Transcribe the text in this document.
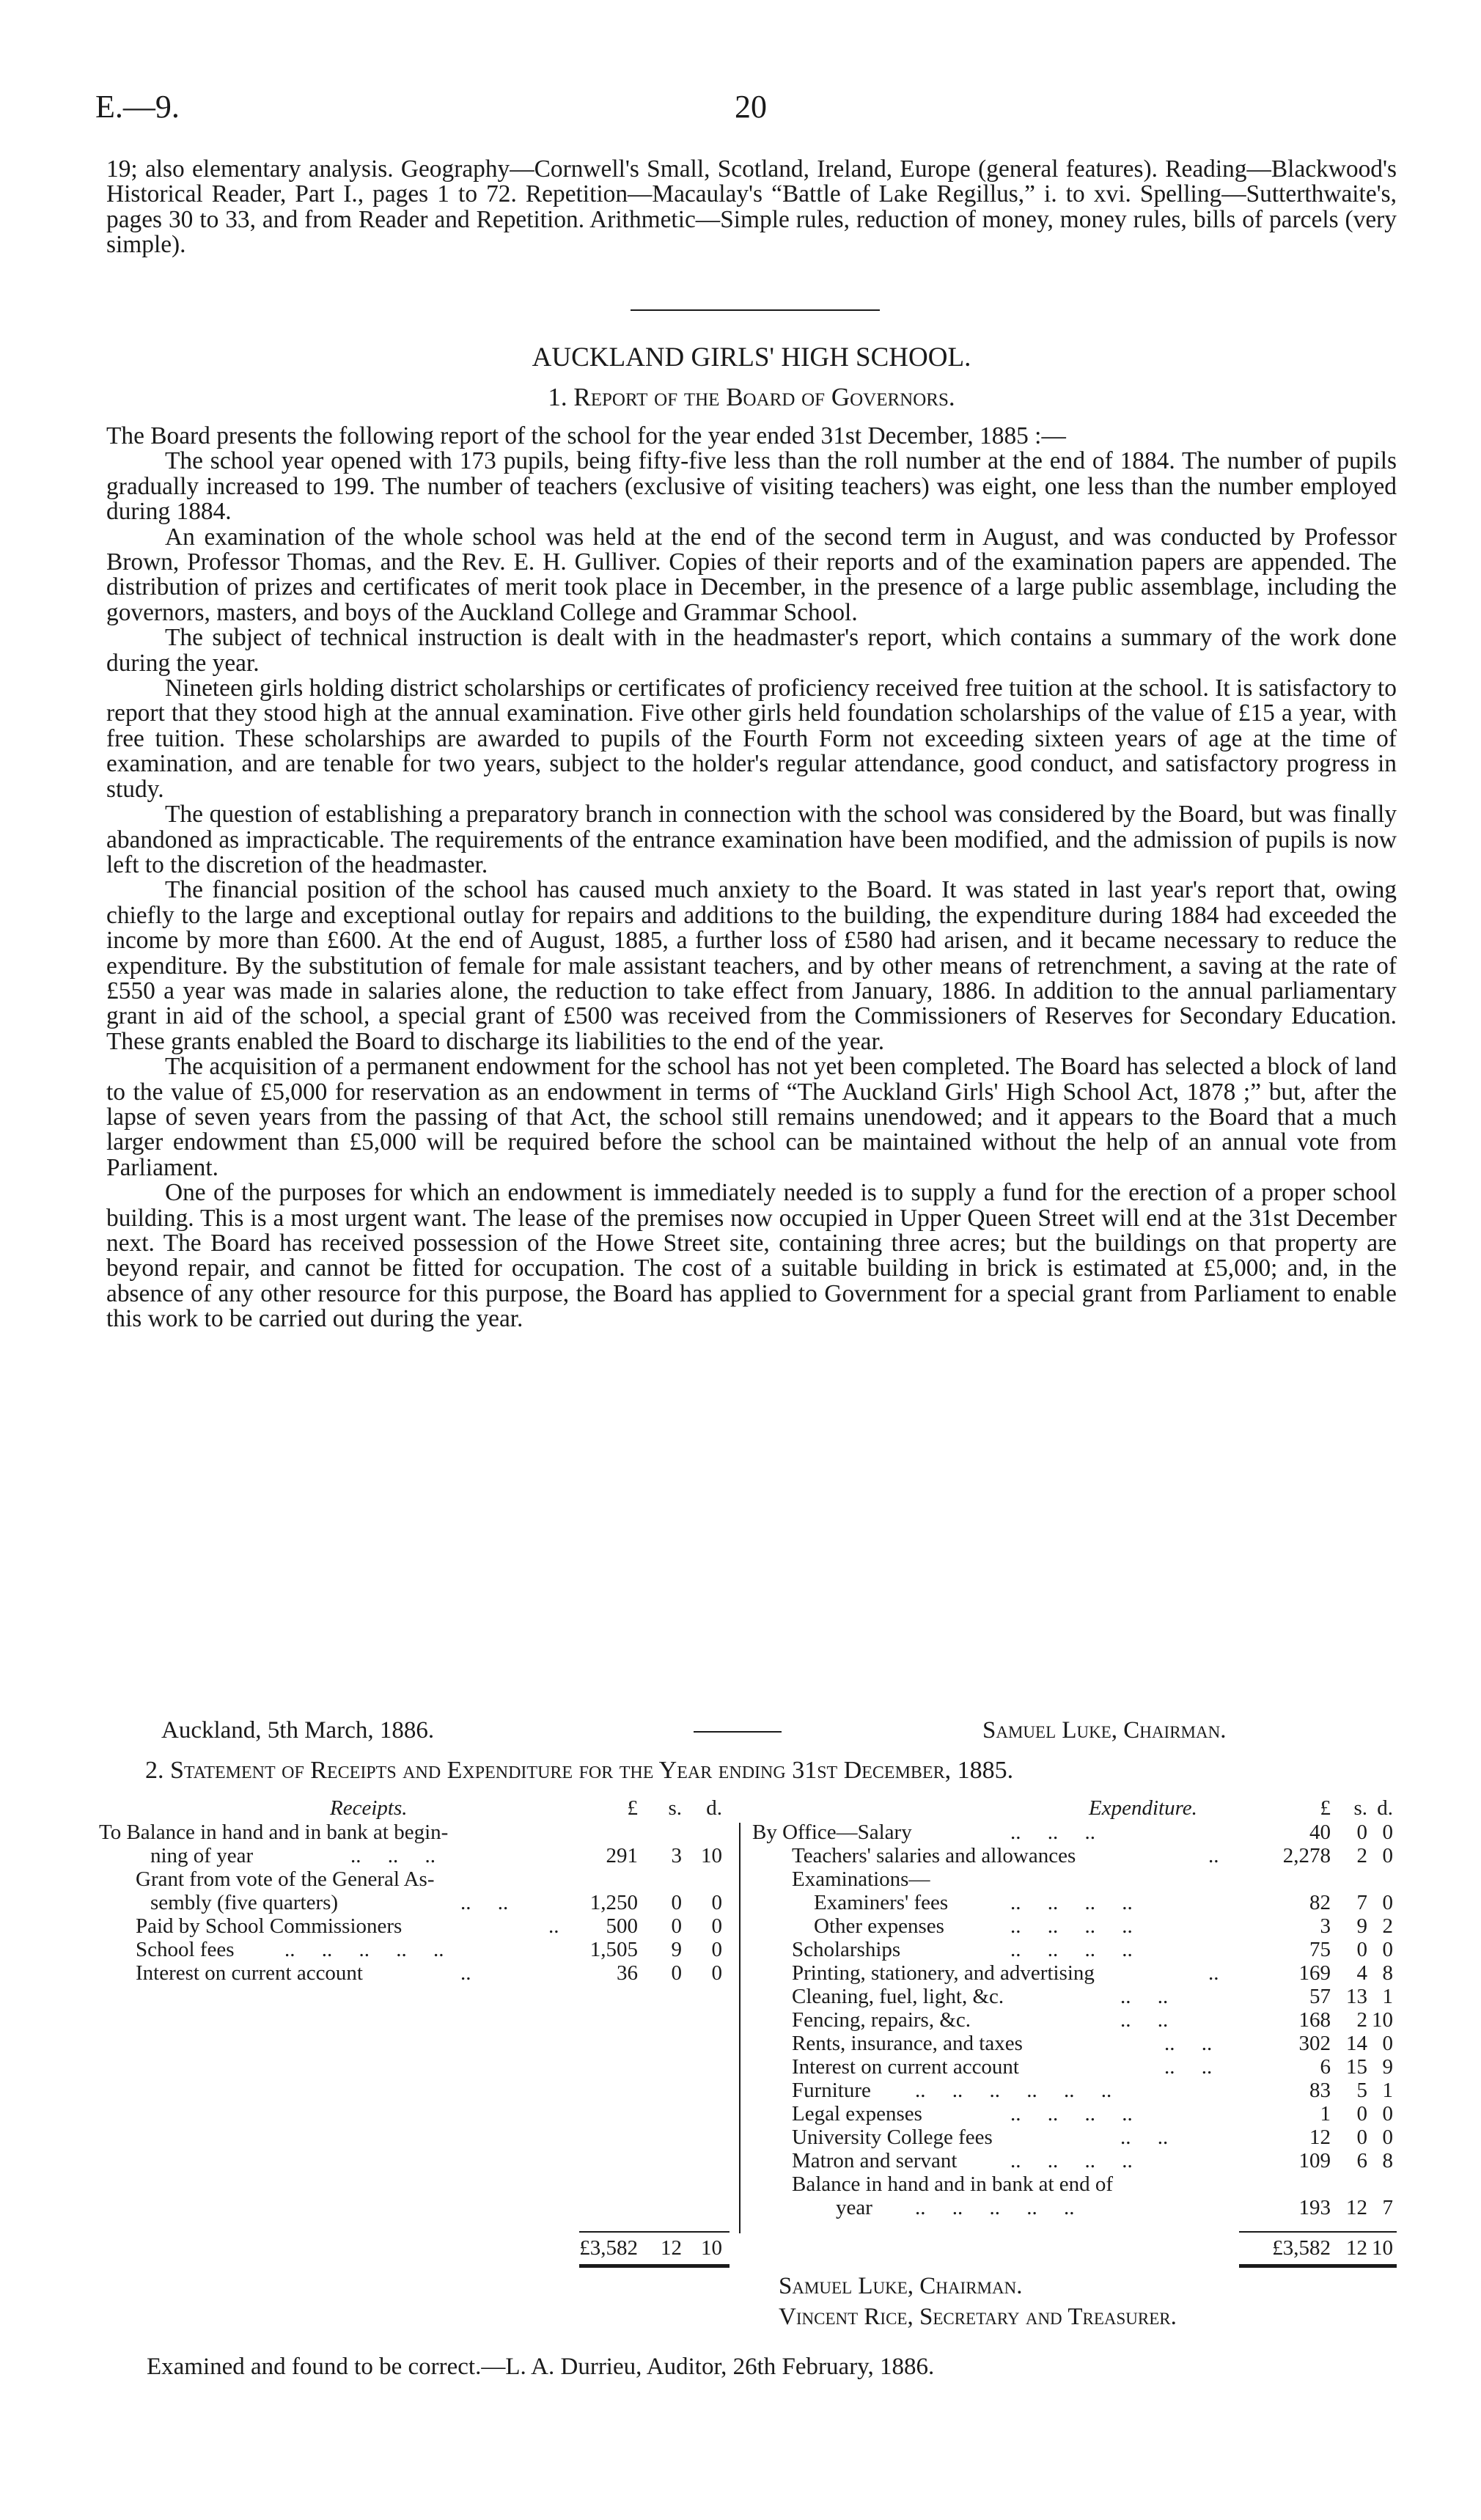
E.—9.	20

19; also elementary analysis. Geography—Cornwell's Small, Scotland, Ireland, Europe (general features). Reading—Blackwood's Historical Reader, Part I., pages 1 to 72. Repetition—Macaulay's “Battle of Lake Regillus,” i. to xvi. Spelling—Sutterthwaite's, pages 30 to 33, and from Reader and Repetition. Arithmetic—Simple rules, reduction of money, money rules, bills of parcels (very simple).

AUCKLAND GIRLS' HIGH SCHOOL.
1. Report of the Board of Governors.

The Board presents the following report of the school for the year ended 31st December, 1885 :—

The school year opened with 173 pupils, being fifty-five less than the roll number at the end of 1884. The number of pupils gradually increased to 199. The number of teachers (exclusive of visiting teachers) was eight, one less than the number employed during 1884.

An examination of the whole school was held at the end of the second term in August, and was conducted by Professor Brown, Professor Thomas, and the Rev. E. H. Gulliver. Copies of their reports and of the examination papers are appended. The distribution of prizes and certificates of merit took place in December, in the presence of a large public assemblage, including the governors, masters, and boys of the Auckland College and Grammar School.

The subject of technical instruction is dealt with in the headmaster's report, which contains a summary of the work done during the year.

Nineteen girls holding district scholarships or certificates of proficiency received free tuition at the school. It is satisfactory to report that they stood high at the annual examination. Five other girls held foundation scholarships of the value of £15 a year, with free tuition. These scholarships are awarded to pupils of the Fourth Form not exceeding sixteen years of age at the time of examination, and are tenable for two years, subject to the holder's regular attendance, good conduct, and satisfactory progress in study.

The question of establishing a preparatory branch in connection with the school was considered by the Board, but was finally abandoned as impracticable. The requirements of the entrance examination have been modified, and the admission of pupils is now left to the discretion of the headmaster.

The financial position of the school has caused much anxiety to the Board. It was stated in last year's report that, owing chiefly to the large and exceptional outlay for repairs and additions to the building, the expenditure during 1884 had exceeded the income by more than £600. At the end of August, 1885, a further loss of £580 had arisen, and it became necessary to reduce the expenditure. By the substitution of female for male assistant teachers, and by other means of retrenchment, a saving at the rate of £550 a year was made in salaries alone, the reduction to take effect from January, 1886. In addition to the annual parliamentary grant in aid of the school, a special grant of £500 was received from the Commissioners of Reserves for Secondary Education. These grants enabled the Board to discharge its liabilities to the end of the year.

The acquisition of a permanent endowment for the school has not yet been completed. The Board has selected a block of land to the value of £5,000 for reservation as an endowment in terms of “The Auckland Girls' High School Act, 1878 ;” but, after the lapse of seven years from the passing of that Act, the school still remains unendowed; and it appears to the Board that a much larger endowment than £5,000 will be required before the school can be maintained without the help of an annual vote from Parliament.

One of the purposes for which an endowment is immediately needed is to supply a fund for the erection of a proper school building. This is a most urgent want. The lease of the premises now occupied in Upper Queen Street will end at the 31st December next. The Board has received possession of the Howe Street site, containing three acres; but the buildings on that property are beyond repair, and cannot be fitted for occupation. The cost of a suitable building in brick is estimated at £5,000; and, in the absence of any other resource for this purpose, the Board has applied to Government for a special grant from Parliament to enable this work to be carried out during the year.

Auckland, 5th March, 1886.	Samuel Luke, Chairman.
2. Statement of Receipts and Expenditure for the Year ending 31st December, 1885.
Receipts.	£	s.	d.	Expenditure.	£	s. d.
To Balance in hand and in bank at begin-
ning of year	..     ..     ..	291	3 10
Grant from vote of the General As-
sembly (five quarters)	..     ..	1,250	0	0
Paid by School Commissioners	..	500	0	0
School fees ..     ..     ..     ..     ..	1,505	9	0
Interest on current account	..	36	0	0
£3,582	12 10
By Office—Salary	..     ..     ..	40	0 0
Teachers' salaries and allowances	..	2,278	2 0
Examinations—
Examiners' fees	..     ..     ..     ..	82	7 0
Other expenses	..     ..     ..     ..	3	9 2
Scholarships	..     ..     ..     ..	75	0 0
Printing, stationery, and advertising	..	169	4 8
Cleaning, fuel, light, &c.	..     ..	57 13 1
Fencing, repairs, &c.	..     ..	168	2 10
Rents, insurance, and taxes	..     ..	302 14 0
Interest on current account	..     ..	6 15 9
Furniture ..     ..     ..     ..     ..     ..	83	5 1
Legal expenses	..     ..     ..     ..	1	0 0
University College fees	..     ..	12	0 0
Matron and servant	..     ..     ..     ..	109	6 8
Balance in hand and in bank at end of
year ..     ..     ..     ..     ..	193 12 7
£3,582 12 10
Samuel Luke, Chairman.
Vincent Rice, Secretary and Treasurer.
Examined and found to be correct.—L. A. Durrieu, Auditor, 26th February, 1886.
